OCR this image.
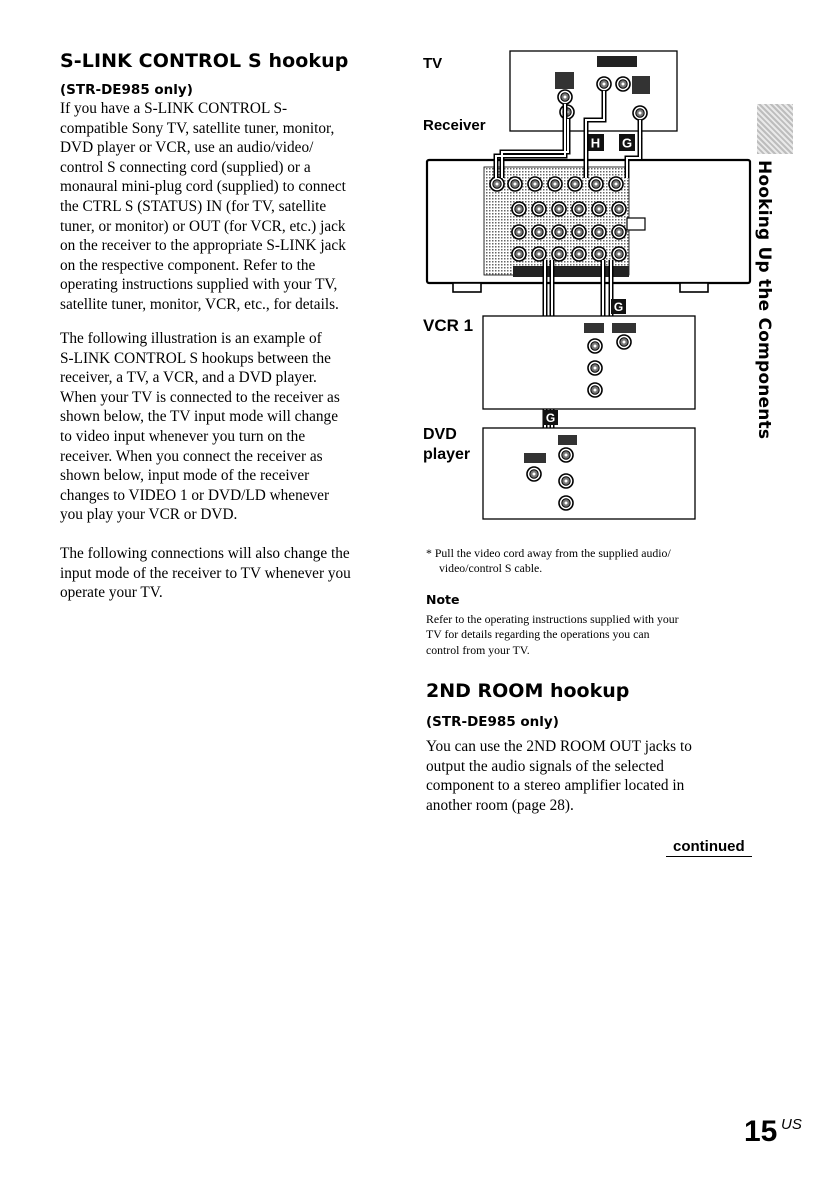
S-LINK CONTROL S hookup
(STR-DE985 only)

If you have a S-LINK CONTROL S-
compatible Sony TV, satellite tuner, monitor,
DVD player or VCR, use an audio/video/
control S connecting cord (supplied) or a
monaural mini-plug cord (supplied) to connect
the CTRL S (STATUS) IN (for TV, satellite
tuner, or monitor) or OUT (for VCR, etc.) jack
on the receiver to the appropriate S-LINK jack
on the respective component. Refer to the
operating instructions supplied with your TV,
satellite tuner, monitor, VCR, etc., for details.

The following illustration is an example of
S-LINK CONTROL S hookups between the
receiver, a TV, a VCR, and a DVD player.
When your TV is connected to the receiver as
shown below, the TV input mode will change
to video input whenever you turn on the
receiver. When you connect the receiver as
shown below, input mode of the receiver
changes to VIDEO 1 or DVD/LD whenever
you play your VCR or DVD.

The following connections will also change the
input mode of the receiver to TV whenever you
operate your TV.

H G *
G
G
TV
Receiver
VCR 1
DVD
player

* Pull the video cord away from the supplied audio/
video/control S cable.

Note

Refer to the operating instructions supplied with your
TV for details regarding the operations you can
control from your TV.

2ND ROOM hookup
(STR-DE985 only)

You can use the 2ND ROOM OUT jacks to
output the audio signals of the selected
component to a stereo amplifier located in
another room (page 28).

continued
Hooking Up the Components
15 US
